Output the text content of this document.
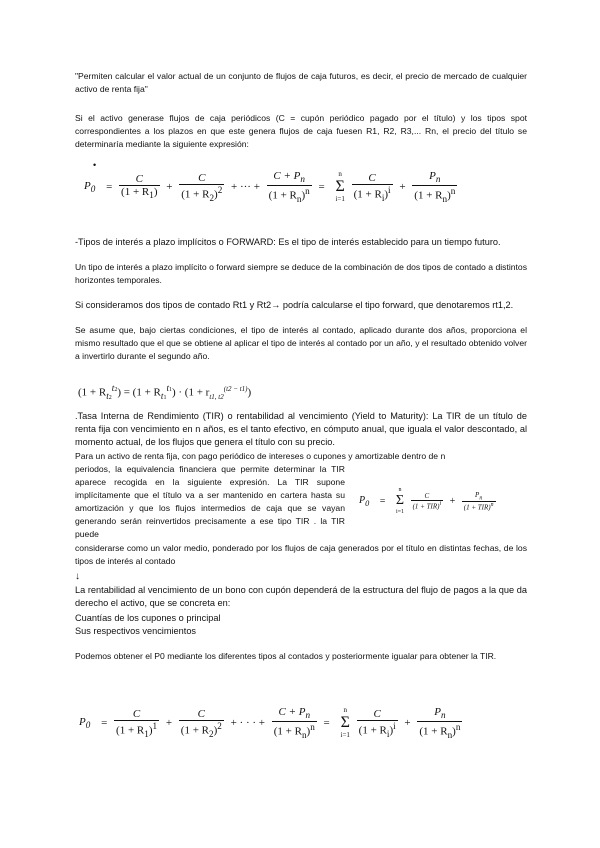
"Permiten calcular el valor actual de un conjunto de flujos de caja futuros, es decir, el precio de mercado de cualquier activo de renta fija"

Si el activo generase flujos de caja periódicos (C = cupón periódico pagado por el título) y los tipos spot correspondientes a los plazos en que este genera flujos de caja fuesen R1, R2, R3,... Rn, el precio del título se determinaría mediante la siguiente expresión:

•
$P_0 = \frac{C}{(1 + R_1)} + \frac{C}{(1 + R_2)^2}$ + ··· + $\frac{C + P_n}{(1 + R_n)^n}$ =
n
Σ
i=1
$\frac{C}{(1 + R_i)^i} + \frac{P_n}{(1 + R_n)^n}$

-Tipos de interés a plazo implícitos o FORWARD: Es el tipo de interés establecido para un tiempo futuro.

Un tipo de interés a plazo implícito o forward siempre se deduce de la combinación de dos tipos de contado a distintos horizontes temporales.

Si consideramos dos tipos de contado Rt1 y Rt2→ podría calcularse el tipo forward, que denotaremos rt1,2.

Se asume que, bajo ciertas condiciones, el tipo de interés al contado, aplicado durante dos años, proporciona el mismo resultado que el que se obtiene al aplicar el tipo de interés al contado por un año, y el resultado obtenido volver a invertirlo durante el segundo año.

$(1 + R_{t2}^{t2}) = (1 + R_{t1}^{t1}) \cdot (1 + r_{t1, t2}^{(t2 - t1)})$

.Tasa Interna de Rendimiento (TIR) o rentabilidad al vencimiento (Yield to Maturity): La TIR de un título de renta fija con vencimiento en n años, es el tanto efectivo, en cómputo anual, que iguala el valor descontado, al momento actual, de los flujos que genera el título con su precio.

Para un activo de renta fija, con pago periódico de intereses o cupones y amortizable dentro de n

periodos, la equivalencia financiera que permite determinar la TIR aparece recogida en la siguiente expresión. La TIR supone implícitamente que el título va a ser mantenido en cartera hasta su amortización y que los flujos intermedios de caja que se vayan generando serán reinvertidos precisamente a ese tipo TIR . la TIR puede
$P_0$ =
n
Σ
i=1

$\frac{C}{(1 + TIR)^i} + \frac{P_n}{(1 + TIR)^n}$

considerarse como un valor medio, ponderado por los flujos de caja generados por el título en distintas fechas, de los tipos de interés al contado

↓

La rentabilidad al vencimiento de un bono con cupón dependerá de la estructura del flujo de pagos a la que da derecho el activo, que se concreta en:

Cuantías de los cupones o principal

Sus respectivos vencimientos

Podemos obtener el P0 mediante los diferentes tipos al contados y posteriormente igualar para obtener la TIR.

$P_0 = \frac{C}{(1 + R_1)^1} + \frac{C}{(1 + R_2)^2}$ + · · · + $\frac{C + P_n}{(1 + R_n)^n}$ =
n
Σ
i=1
$\frac{C}{(1 + R_i)^i} + \frac{P_n}{(1 + R_n)^n}$
